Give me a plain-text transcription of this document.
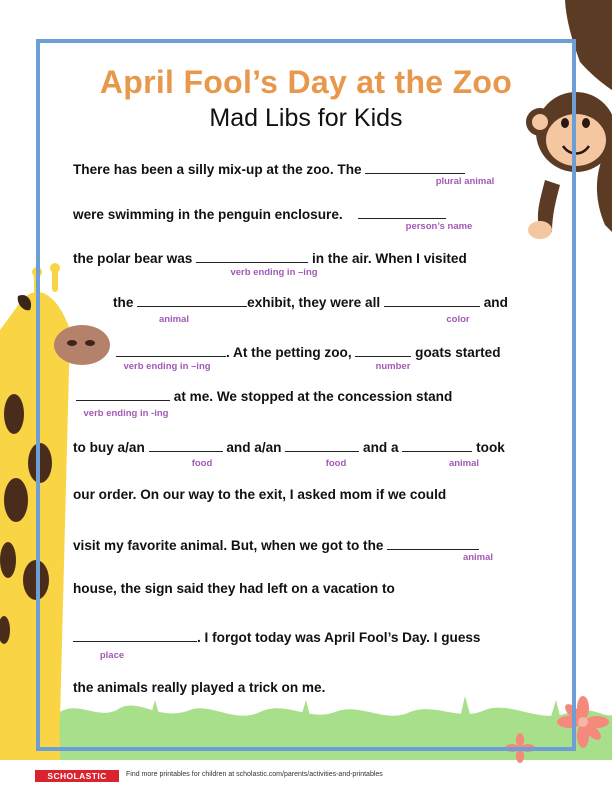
April Fool’s Day at the Zoo
Mad Libs for Kids
There has been a silly mix-up at the zoo. The
plural animal
were swimming in the penguin enclosure.
person’s name
the polar bear was	in the air. When I visited
verb ending in –ing
the	exhibit, they were all	and
animal	color
. At the petting zoo,	goats started
verb ending in –ing	number
at me. We stopped at the concession stand
verb ending in -ing
to buy a/an	and a/an	and a	took
food	food	animal
our order. On our way to the exit, I asked mom if we could
visit my favorite animal. But, when we got to the
animal
house, the sign said they had left on a vacation to
. I forgot today was April Fool’s Day. I guess
place
the animals really played a trick on me.
SCHOLASTIC	Find more printables for children at scholastic.com/parents/activities-and-printables
